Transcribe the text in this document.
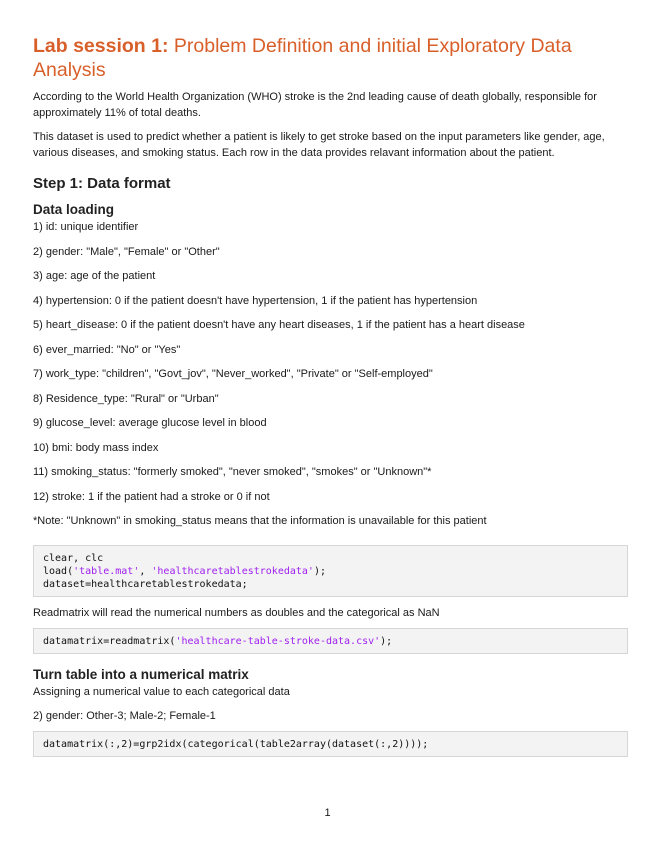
Lab session 1: Problem Definition and initial Exploratory Data Analysis

According to the World Health Organization (WHO) stroke is the 2nd leading cause of death globally, responsible for approximately 11% of total deaths.

This dataset is used to predict whether a patient is likely to get stroke based on the input parameters like gender, age, various diseases, and smoking status. Each row in the data provides relavant information about the patient.

Step 1: Data format
Data loading

1) id: unique identifier

2) gender: "Male", "Female" or "Other"

3) age: age of the patient

4) hypertension: 0 if the patient doesn't have hypertension, 1 if the patient has hypertension

5) heart_disease: 0 if the patient doesn't have any heart diseases, 1 if the patient has a heart disease

6) ever_married: "No" or "Yes"

7) work_type: "children", "Govt_jov", "Never_worked", "Private" or "Self-employed"

8) Residence_type: "Rural" or "Urban"

9) glucose_level: average glucose level in blood

10) bmi: body mass index

11) smoking_status: "formerly smoked", "never smoked", "smokes" or "Unknown"*

12) stroke: 1 if the patient had a stroke or 0 if not

*Note: "Unknown" in smoking_status means that the information is unavailable for this patient

clear, clc
load('table.mat', 'healthcaretablestrokedata');
dataset=healthcaretablestrokedata;

Readmatrix will read the numerical numbers as doubles and the categorical as NaN

datamatrix=readmatrix('healthcare-table-stroke-data.csv');
Turn table into a numerical matrix

Assigning a numerical value to each categorical data

2) gender: Other-3; Male-2; Female-1

datamatrix(:,2)=grp2idx(categorical(table2array(dataset(:,2))));
1
